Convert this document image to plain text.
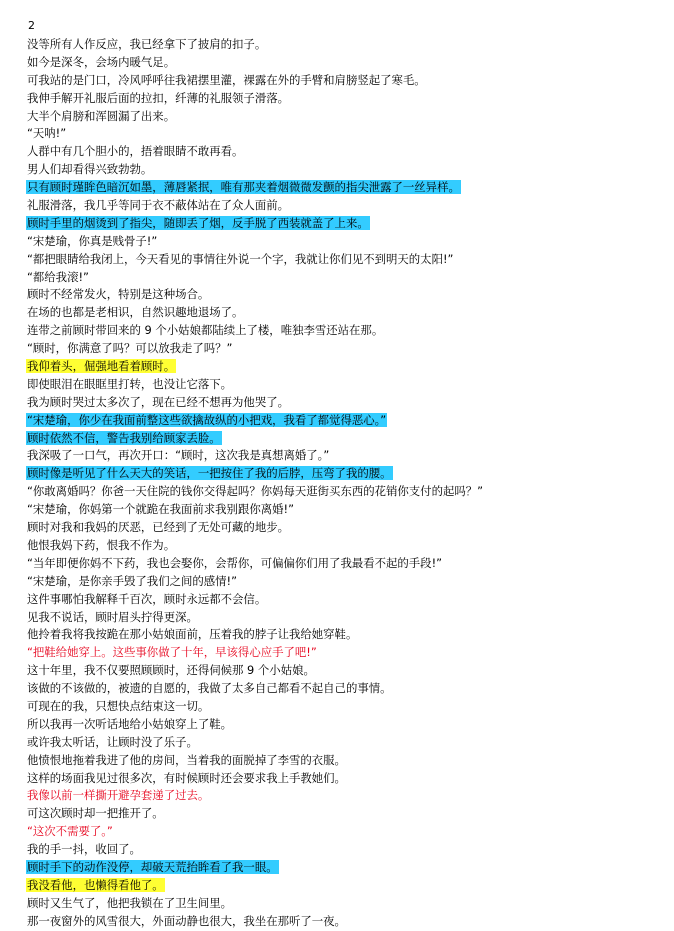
2
没等所有人作反应，我已经拿下了披肩的扣子。
如今是深冬，会场内暖气足。
可我站的是门口，冷风呼呼往我裙摆里灌，裸露在外的手臂和肩膀竖起了寒毛。
我伸手解开礼服后面的拉扣，纤薄的礼服领子滑落。
大半个肩膀和浑圆漏了出来。
“天呐!”
人群中有几个胆小的，捂着眼睛不敢再看。
男人们却看得兴致勃勃。
只有顾时瑾眸色暗沉如墨，薄唇紧抿，唯有那夹着烟微微发颤的指尖泄露了一丝异样。
礼服滑落，我几乎等同于衣不蔽体站在了众人面前。
顾时手里的烟烫到了指尖，随即丢了烟，反手脱了西装就盖了上来。
“宋楚瑜，你真是贱骨子!”
“都把眼睛给我闭上，今天看见的事情往外说一个字，我就让你们见不到明天的太阳!”
“都给我滚!”
顾时不经常发火，特别是这种场合。
在场的也都是老相识，自然识趣地退场了。
连带之前顾时带回来的 9 个小姑娘都陆续上了楼，唯独李雪还站在那。
“顾时，你满意了吗？可以放我走了吗？”
我仰着头，倔强地看着顾时。
即使眼泪在眼眶里打转，也没让它落下。
我为顾时哭过太多次了，现在已经不想再为他哭了。
“宋楚瑜，你少在我面前整这些欲擒故纵的小把戏，我看了都觉得恶心。”
顾时依然不信，警告我别给顾家丢脸。
我深吸了一口气，再次开口：“顾时，这次我是真想离婚了。”
顾时像是听见了什么天大的笑话，一把按住了我的后脖，压弯了我的腰。
“你敢离婚吗？你爸一天住院的钱你交得起吗？你妈每天逛街买东西的花销你支付的起吗？”
“宋楚瑜，你妈第一个就跪在我面前求我别跟你离婚!”
顾时对我和我妈的厌恶，已经到了无处可藏的地步。
他恨我妈下药，恨我不作为。
“当年即便你妈不下药，我也会娶你，会帮你，可偏偏你们用了我最看不起的手段!”
“宋楚瑜，是你亲手毁了我们之间的感情!”
这件事哪怕我解释千百次，顾时永远都不会信。
见我不说话，顾时眉头拧得更深。
他拎着我将我按跪在那小姑娘面前，压着我的脖子让我给她穿鞋。
“把鞋给她穿上。这些事你做了十年，早该得心应手了吧!”
这十年里，我不仅要照顾顾时，还得伺候那 9 个小姑娘。
该做的不该做的，被遗的自愿的，我做了太多自己都看不起自己的事情。
可现在的我，只想快点结束这一切。
所以我再一次听话地给小姑娘穿上了鞋。
或许我太听话，让顾时没了乐子。
他愤恨地拖着我进了他的房间，当着我的面脱掉了李雪的衣服。
这样的场面我见过很多次，有时候顾时还会要求我上手教她们。
我像以前一样撕开避孕套递了过去。
可这次顾时却一把推开了。
“这次不需要了。”
我的手一抖，收回了。
顾时手下的动作没停，却破天荒抬眸看了我一眼。
我没看他，也懒得看他了。
顾时又生气了，他把我锁在了卫生间里。
那一夜窗外的风雪很大，外面动静也很大，我坐在那听了一夜。
